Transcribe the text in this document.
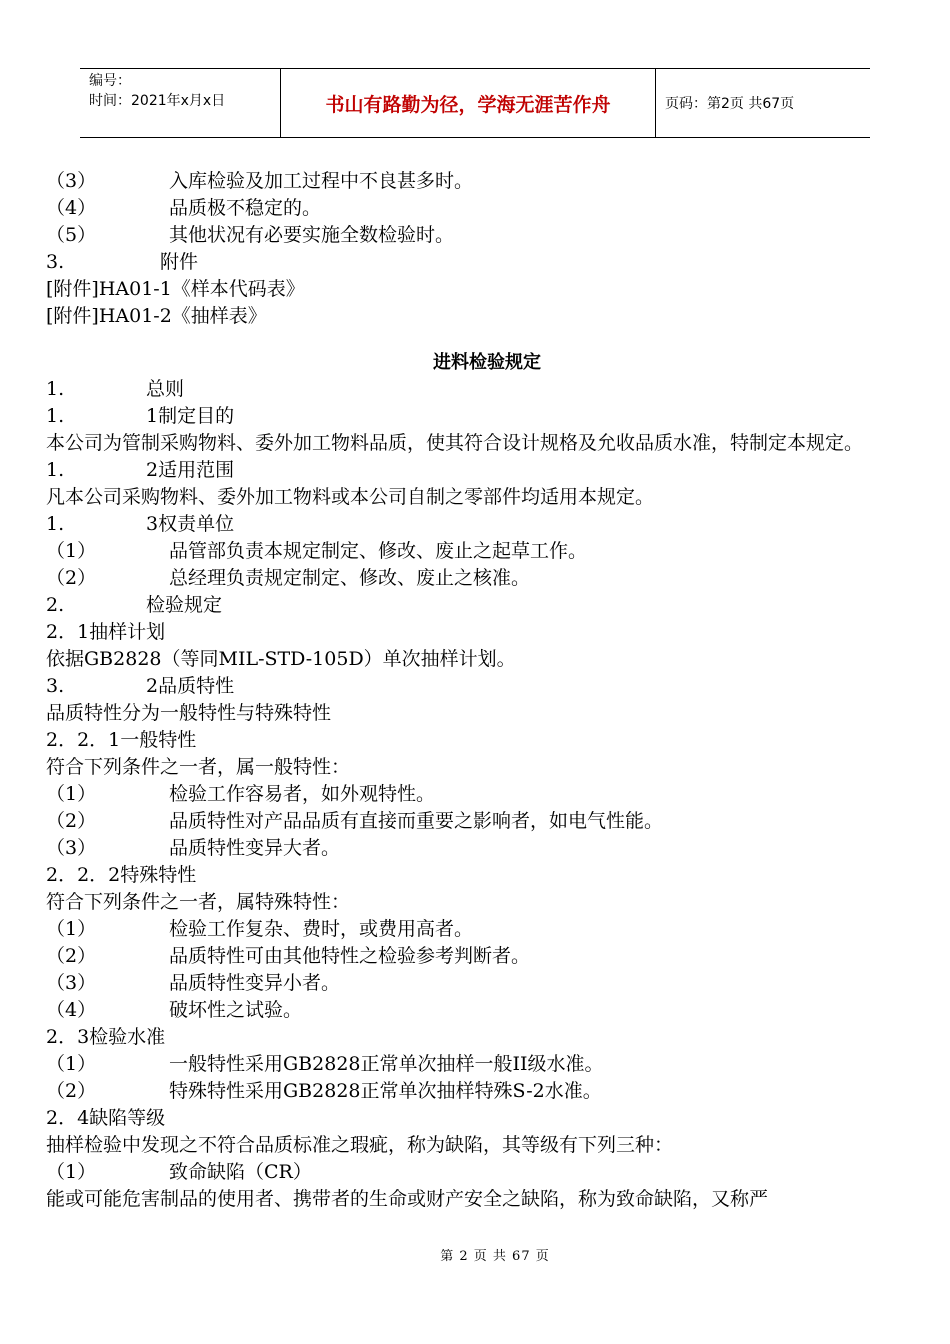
编号：
时间：2021年x月x日	书山有路勤为径，学海无涯苦作舟	页码：第2页 共67页
（3）	入库检验及加工过程中不良甚多时。
（4）	品质极不稳定的。
（5）	其他状况有必要实施全数检验时。
3.	附件
[附件]HA01-1《样本代码表》
[附件]HA01-2《抽样表》
进料检验规定
1.	总则
1.	1制定目的
本公司为管制采购物料、委外加工物料品质，使其符合设计规格及允收品质水准，特制定本规定。
1.	2适用范围
凡本公司采购物料、委外加工物料或本公司自制之零部件均适用本规定。
1.	3权责单位
（1）	品管部负责本规定制定、修改、废止之起草工作。
（2）	总经理负责规定制定、修改、废止之核准。
2.	检验规定
2．1抽样计划
依据GB2828（等同MIL-STD-105D）单次抽样计划。
3.	2品质特性
品质特性分为一般特性与特殊特性
2．2．1一般特性
符合下列条件之一者，属一般特性：
（1）	检验工作容易者，如外观特性。
（2）	品质特性对产品品质有直接而重要之影响者，如电气性能。
（3）	品质特性变异大者。
2．2．2特殊特性
符合下列条件之一者，属特殊特性：
（1）	检验工作复杂、费时，或费用高者。
（2）	品质特性可由其他特性之检验参考判断者。
（3）	品质特性变异小者。
（4）	破坏性之试验。
2．3检验水准
（1）	一般特性采用GB2828正常单次抽样一般II级水准。
（2）	特殊特性采用GB2828正常单次抽样特殊S-2水准。
2．4缺陷等级
抽样检验中发现之不符合品质标准之瑕疵，称为缺陷，其等级有下列三种：
（1）	致命缺陷（CR）
能或可能危害制品的使用者、携带者的生命或财产安全之缺陷，称为致命缺陷，又称严
第 2 页 共 67 页
